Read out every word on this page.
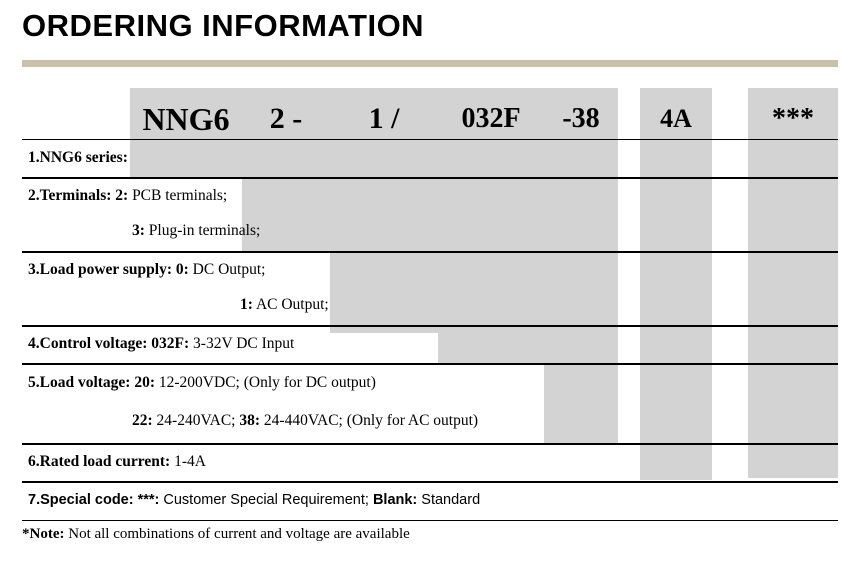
ORDERING INFORMATION
NNG6	2 -	1 /	032F	-38	4A	***
1.NNG6 series:
2.Terminals: 2: PCB terminals;
3: Plug-in terminals;
3.Load power supply: 0: DC Output;
1: AC Output;
4.Control voltage: 032F: 3-32V DC Input
5.Load voltage: 20: 12-200VDC; (Only for DC output)
22: 24-240VAC; 38: 24-440VAC; (Only for AC output)
6.Rated load current: 1-4A
7.Special code: ***: Customer Special Requirement; Blank: Standard
*Note: Not all combinations of current and voltage are available
